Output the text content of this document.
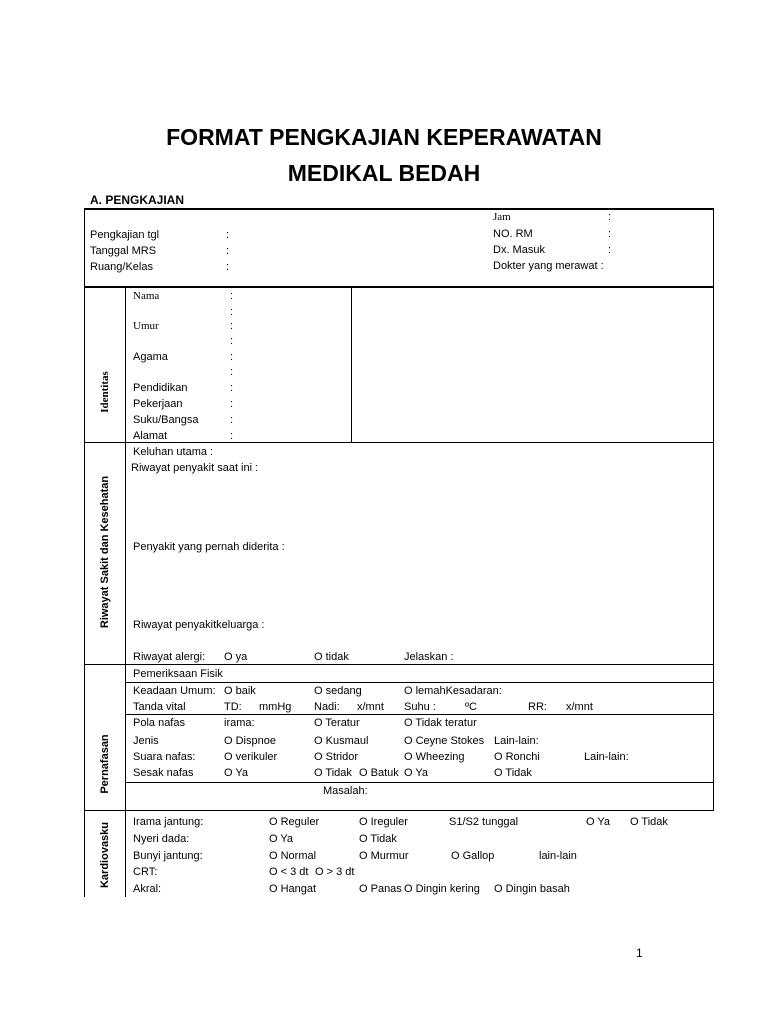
FORMAT PENGKAJIAN KEPERAWATAN
MEDIKAL BEDAH
A. PENGKAJIAN
Pengkajian tgl	:
Tanggal MRS	:
Ruang/Kelas	:
Jam	:
NO. RM	:
Dx. Masuk	:
Dokter yang merawat :
Identitas
Nama	:
:
Umur	:
:
Agama	:
:
Pendidikan	:
Pekerjaan	:
Suku/Bangsa	:
Alamat	:
Riwayat Sakit dan Kesehatan
Keluhan utama :
Riwayat penyakit saat ini :
Penyakit yang pernah diderita :
Riwayat penyakitkeluarga :
Riwayat alergi: O ya	O tidak	Jelaskan :
Pemeriksaan Fisik
Keadaan Umum: O baik	O sedang	O lemahKesadaran:
Tanda vital	TD: mmHg Nadi: x/mnt Suhu :	ºC	RR: x/mnt
Pernafasan
Pola nafas	irama:	O Teratur	O Tidak teratur
Jenis	O Dispnoe	O Kusmaul	O Ceyne Stokes Lain-lain:
Suara nafas:	O verikuler	O Stridor	O Wheezing	O Ronchi	Lain-lain:
Sesak nafas	O Ya	O Tidak O Batuk O Ya	O Tidak
Masalah:
Kardiovasku Irama jantung:	O Reguler	O Ireguler	S1/S2 tunggal	O Ya O Tidak
Nyeri dada:	O Ya	O Tidak
Bunyi jantung:	O Normal	O Murmur	O Gallop	lain-lain
CRT:	O < 3 dt O > 3 dt
Akral:	O Hangat	O Panas O Dingin kering O Dingin basah
1
